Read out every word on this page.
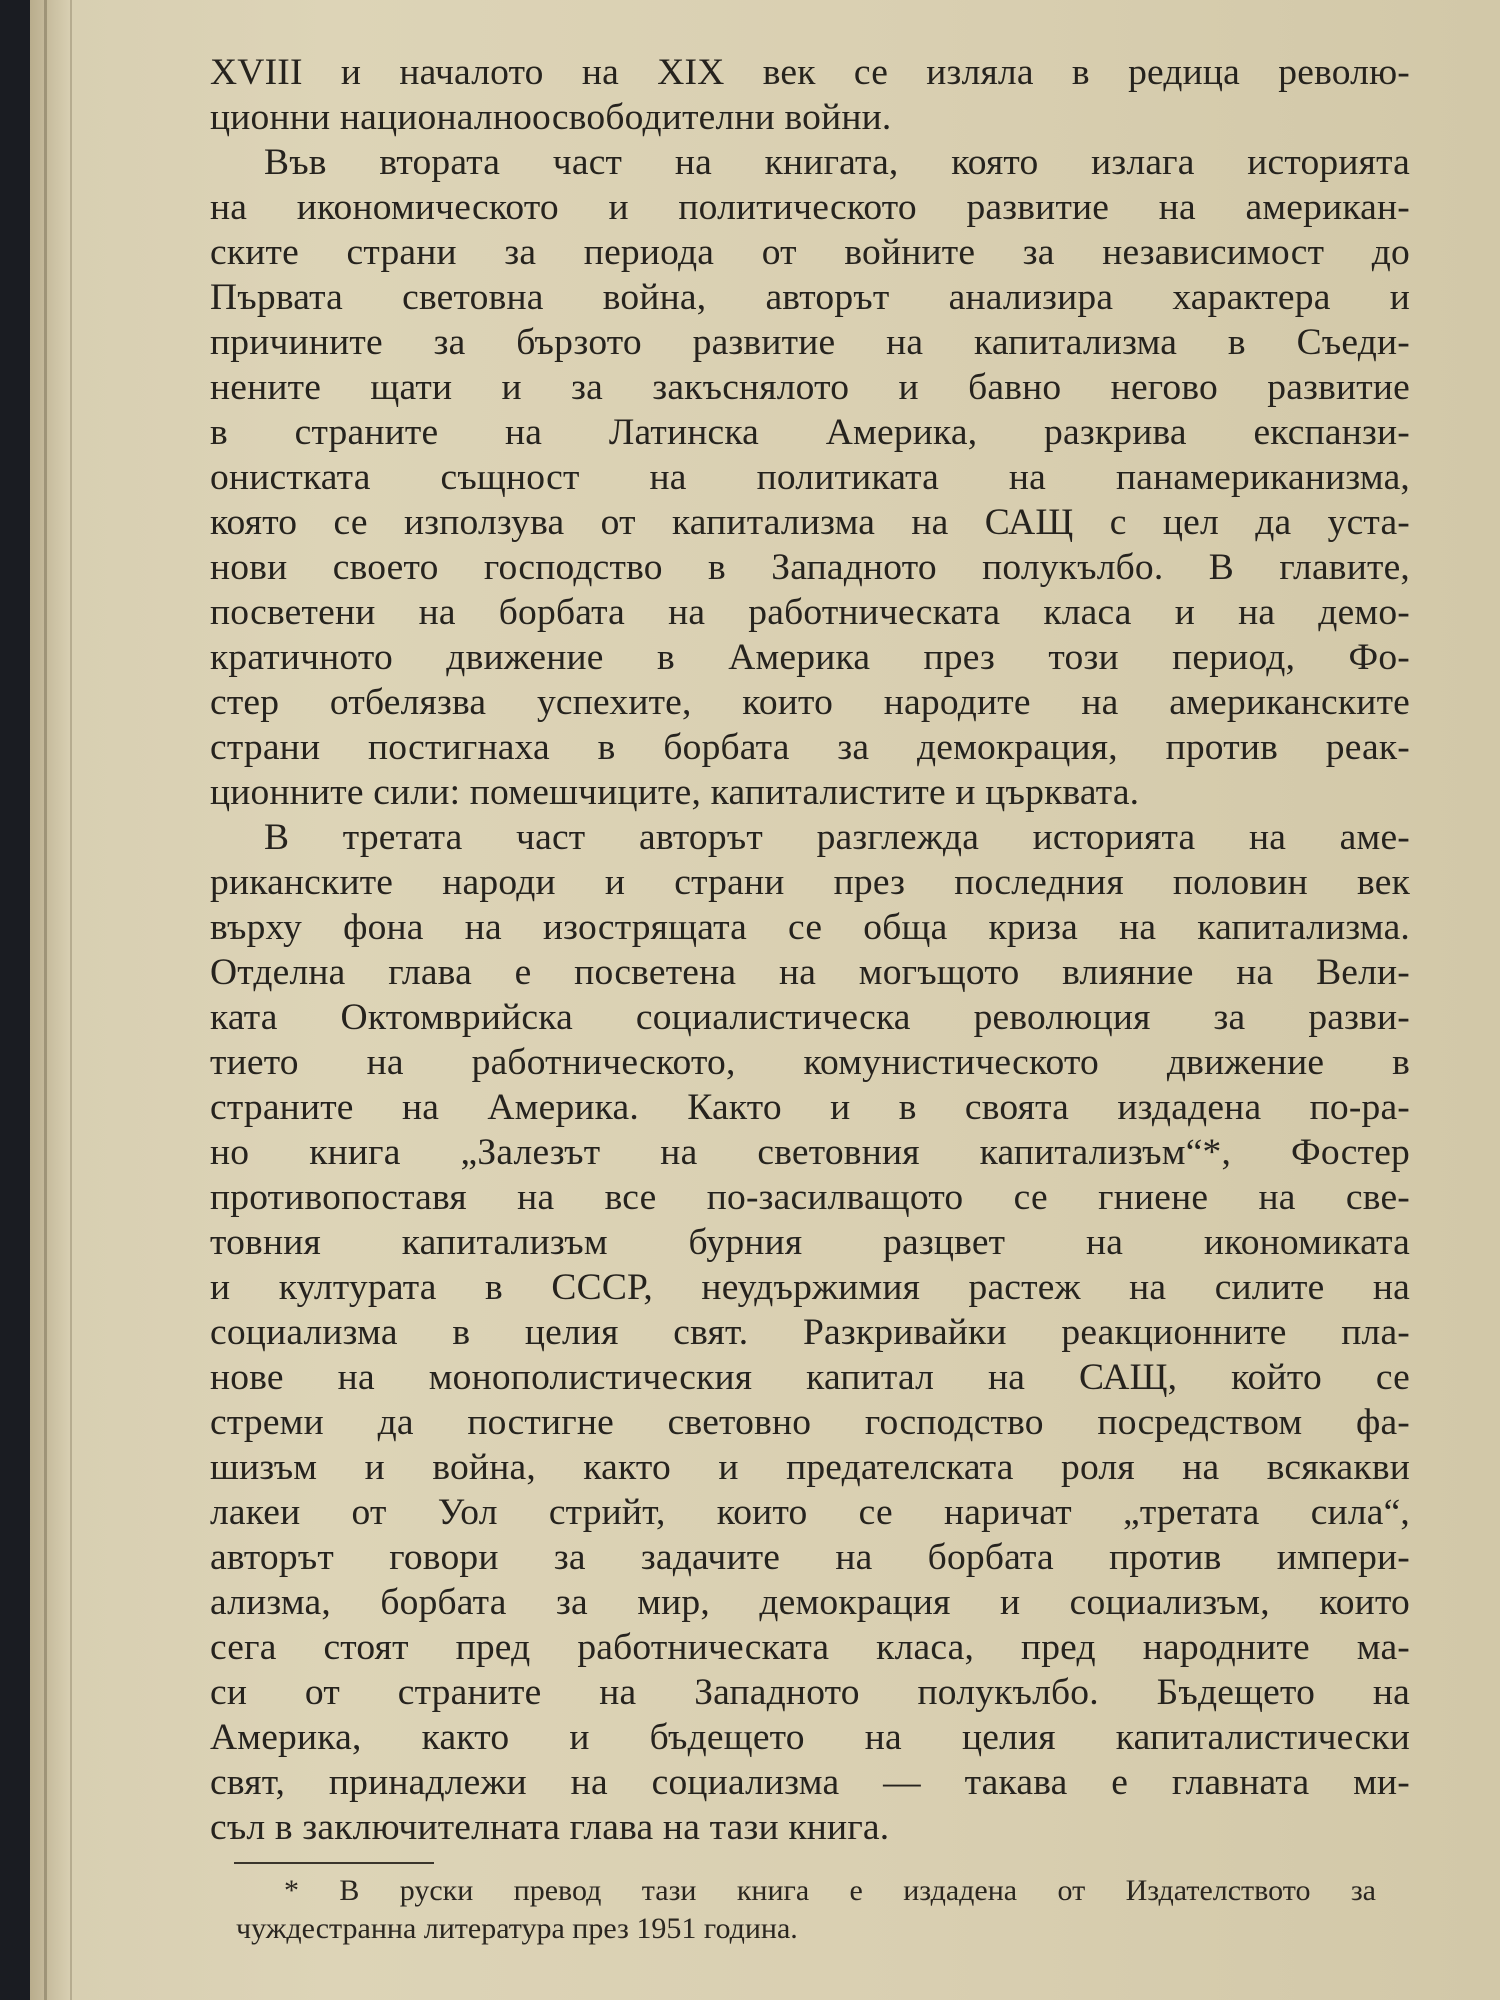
XVIII и началото на XIX век се изляла в редица револю-
ционни националноосвободителни войни.

Във втората част на книгата, която излага историята
на икономическото и политическото развитие на американ-
ските страни за периода от войните за независимост до
Първата световна война, авторът анализира характера и
причините за бързото развитие на капитализма в Съеди-
нените щати и за закъснялото и бавно негово развитие
в страните на Латинска Америка, разкрива експанзи-
онистката същност на политиката на панамериканизма,
която се използува от капитализма на САЩ с цел да уста-
нови своето господство в Западното полукълбо. В главите,
посветени на борбата на работническата класа и на демо-
кратичното движение в Америка през този период, Фо-
стер отбелязва успехите, които народите на американските
страни постигнаха в борбата за демокрация, против реак-
ционните сили: помешчиците, капиталистите и църквата.

В третата част авторът разглежда историята на аме-
риканските народи и страни през последния половин век
върху фона на изострящата се обща криза на капитализма.
Отделна глава е посветена на могъщото влияние на Вели-
ката Октомврийска социалистическа революция за разви-
тието на работническото, комунистическото движение в
страните на Америка. Както и в своята издадена по-ра-
но книга „Залезът на световния капитализъм“*, Фостер
противопоставя на все по-засилващото се гниене на све-
товния капитализъм бурния разцвет на икономиката
и културата в СССР, неудържимия растеж на силите на
социализма в целия свят. Разкривайки реакционните пла-
нове на монополистическия капитал на САЩ, който се
стреми да постигне световно господство посредством фа-
шизъм и война, както и предателската роля на всякакви
лакеи от Уол стрийт, които се наричат „третата сила“,
авторът говори за задачите на борбата против импери-
ализма, борбата за мир, демокрация и социализъм, които
сега стоят пред работническата класа, пред народните ма-
си от страните на Западното полукълбо. Бъдещето на
Америка, както и бъдещето на целия капиталистически
свят, принадлежи на социализма — такава е главната ми-
съл в заключителната глава на тази книга.

* В руски превод тази книга е издадена от Издателството за
чуждестранна литература през 1951 година.
